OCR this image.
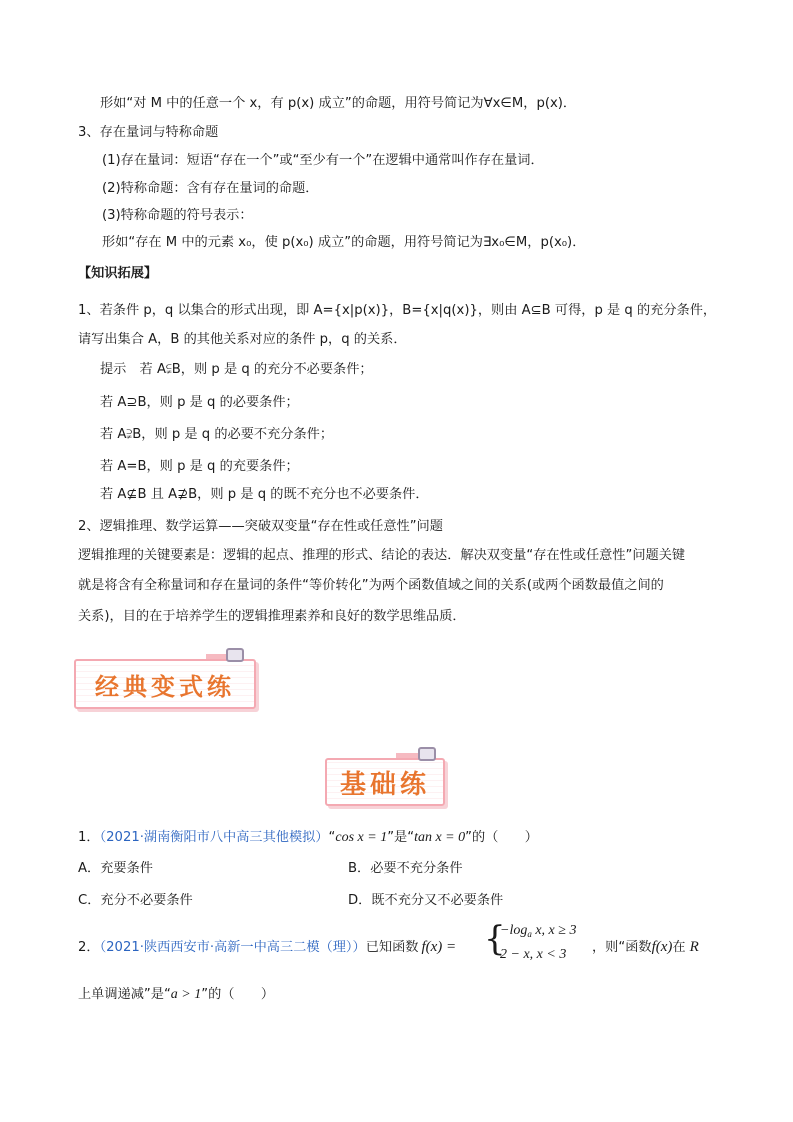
形如“对 M 中的任意一个 x，有 p(x) 成立”的命题，用符号简记为∀x∈M，p(x)．
3、存在量词与特称命题
(1)存在量词：短语“存在一个”或“至少有一个”在逻辑中通常叫作存在量词．
(2)特称命题：含有存在量词的命题．
(3)特称命题的符号表示：
形如“存在 M 中的元素 x₀，使 p(x₀) 成立”的命题，用符号简记为∃x₀∈M，p(x₀)．
【知识拓展】
1、若条件 p，q 以集合的形式出现，即 A={x|p(x)}，B={x|q(x)}，则由 A⊆B 可得，p 是 q 的充分条件，
请写出集合 A，B 的其他关系对应的条件 p，q 的关系．
提示　若 A⫋B，则 p 是 q 的充分不必要条件；
若 A⊇B，则 p 是 q 的必要条件；
若 A⫌B，则 p 是 q 的必要不充分条件；
若 A=B，则 p 是 q 的充要条件；
若 A⊈B 且 A⊉B，则 p 是 q 的既不充分也不必要条件．
2、逻辑推理、数学运算——突破双变量“存在性或任意性”问题
逻辑推理的关键要素是：逻辑的起点、推理的形式、结论的表达．解决双变量“存在性或任意性”问题关键
就是将含有全称量词和存在量词的条件“等价转化”为两个函数值域之间的关系(或两个函数最值之间的
关系)，目的在于培养学生的逻辑推理素养和良好的数学思维品质．
经典变式练
基础练
1．（2021·湖南衡阳市八中高三其他模拟）“cos x = 1”是“tan x = 0”的（　　）
A．充要条件	B．必要不充分条件
C．充分不必要条件	D．既不充分又不必要条件
2．（2021·陕西西安市·高新一中高三二模（理））已知函数 f(x) = {
$-\log_a$ x, x ≥ 3
2 − x, x < 3 ，则“函数f(x)在 R
上单调递减”是“a > 1”的（　　）
